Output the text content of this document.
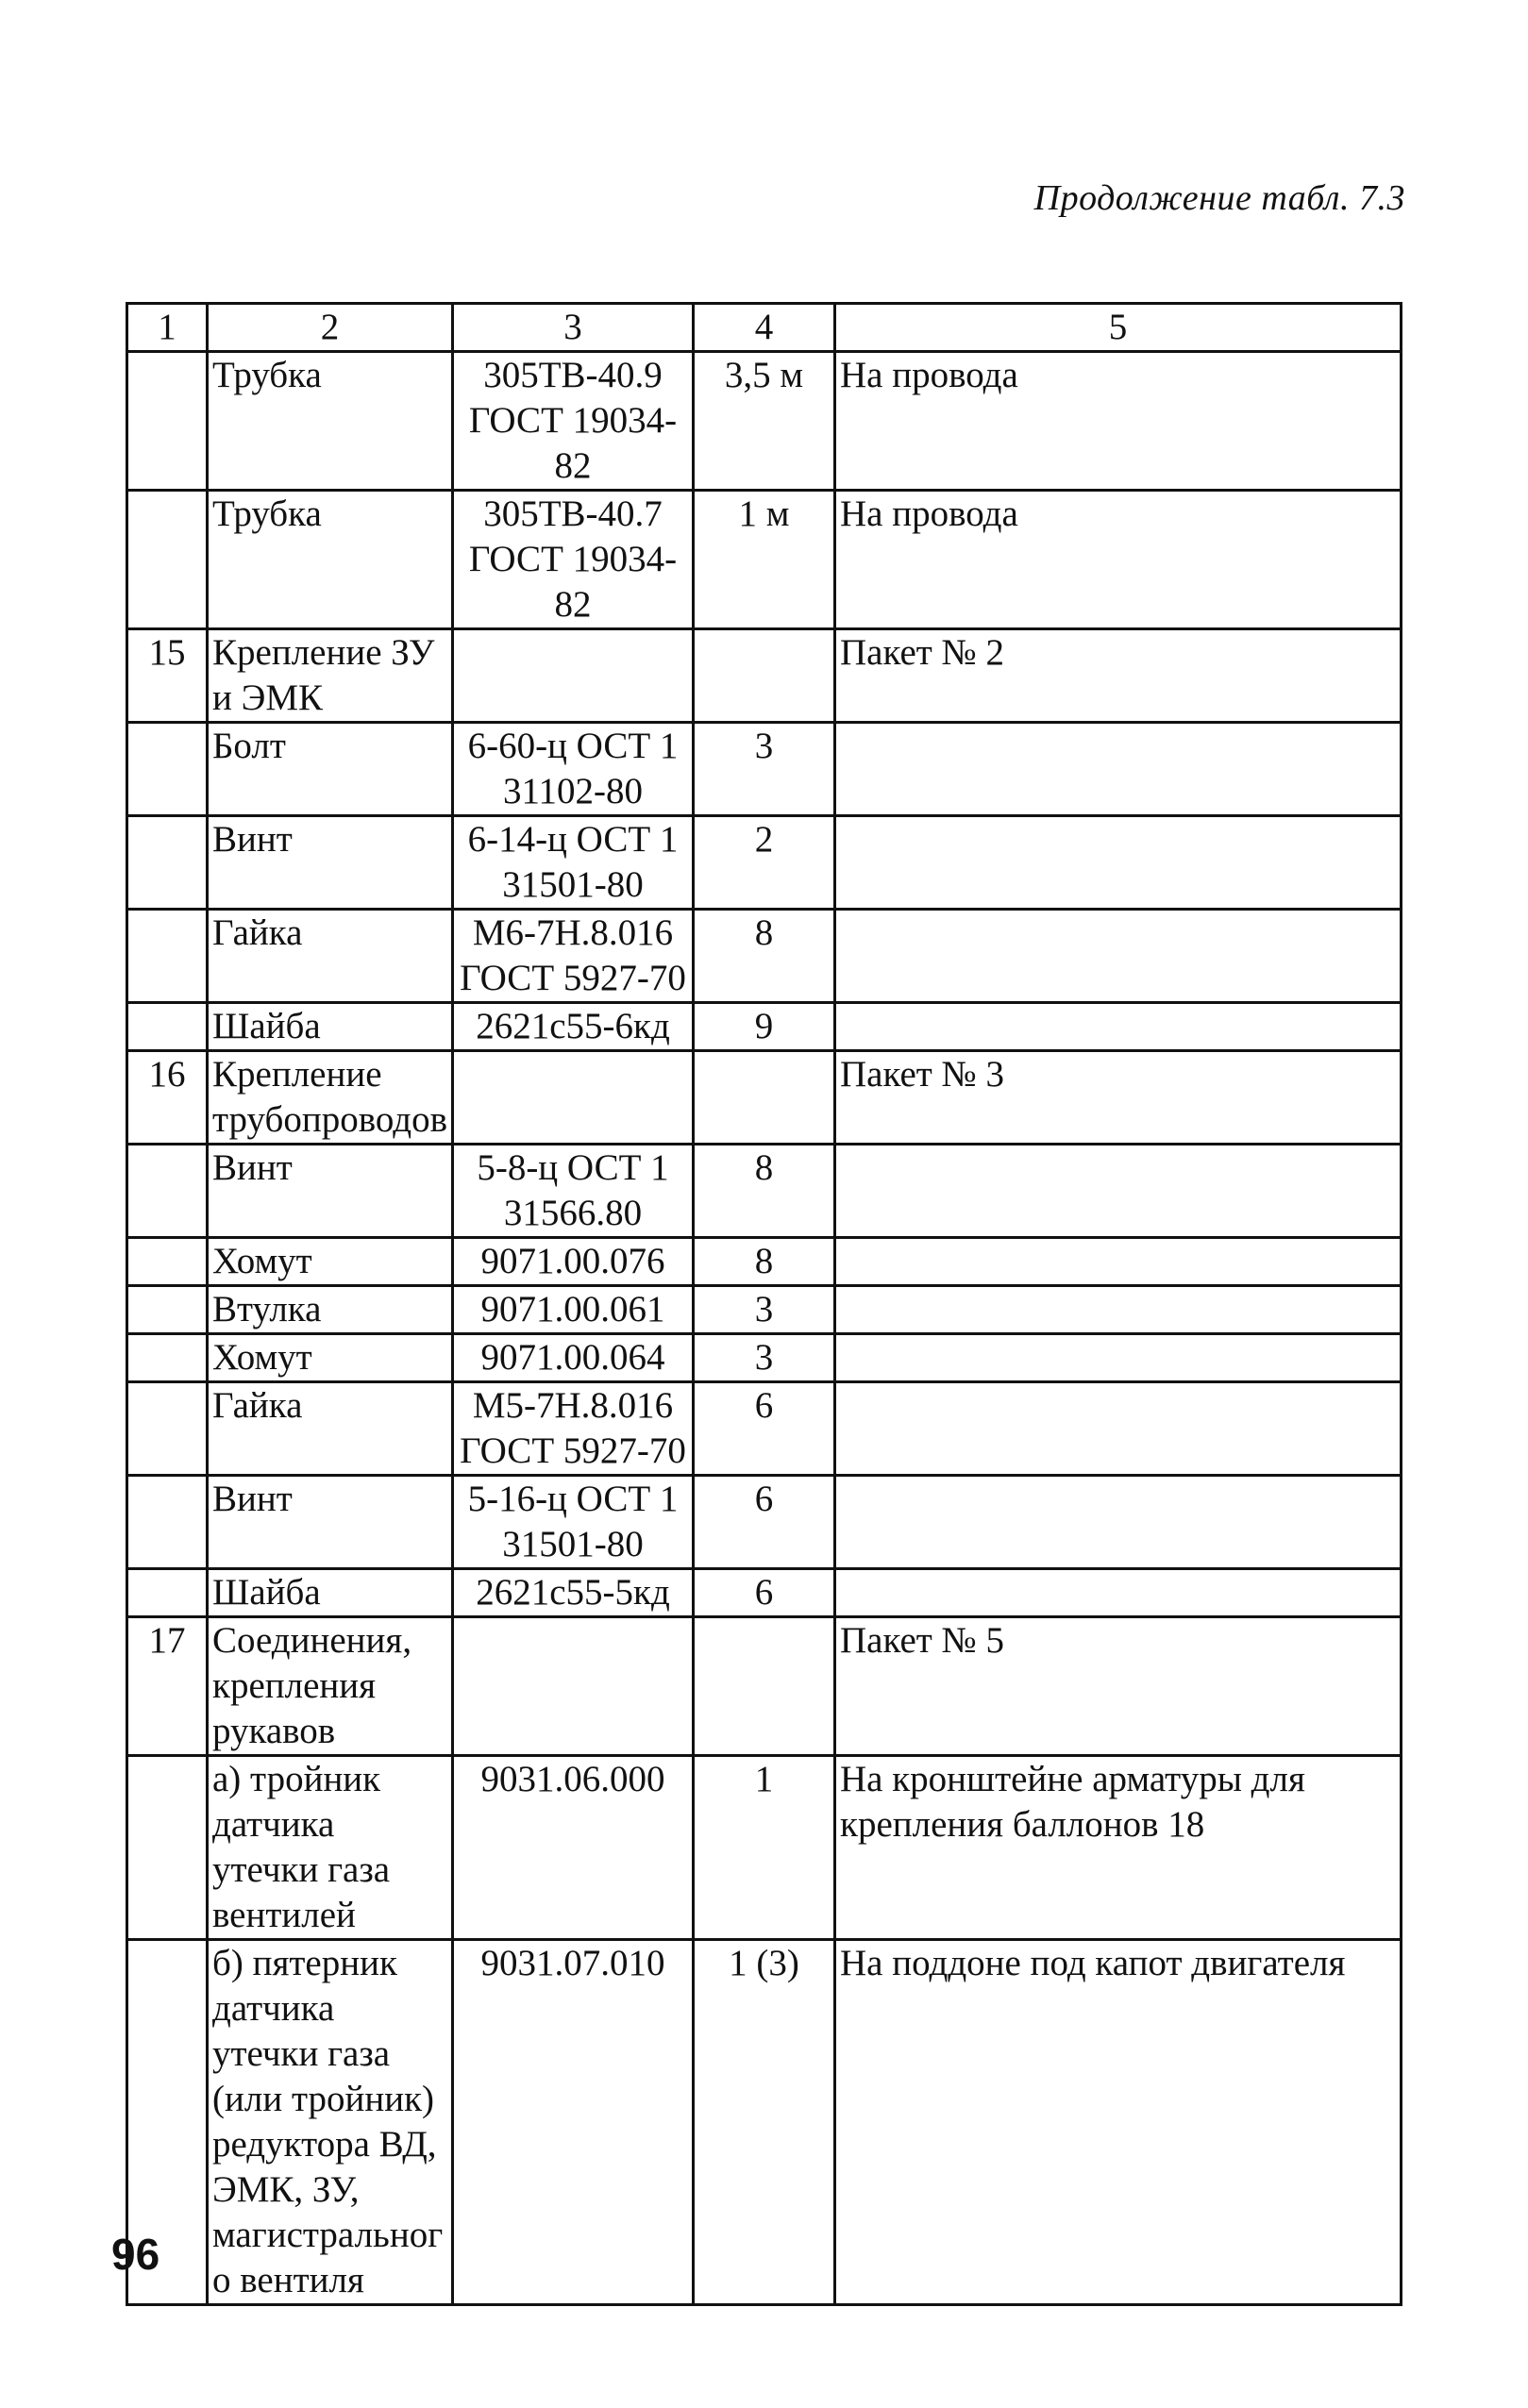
Продолжение табл. 7.3
1	2	3	4	5
	Трубка	305ТВ-40.9 ГОСТ 19034-82	3,5 м	На провода
	Трубка	305ТВ-40.7 ГОСТ 19034-82	1 м	На провода
15	Крепление ЗУ и ЭМК			Пакет № 2
	Болт	6-60-ц ОСТ 1 31102-80	3	
	Винт	6-14-ц ОСТ 1 31501-80	2	
	Гайка	М6-7Н.8.016 ГОСТ 5927-70	8	
	Шайба	2621с55-6кд	9	
16	Крепление трубопроводов			Пакет № 3
	Винт	5-8-ц ОСТ 1 31566.80	8	
	Хомут	9071.00.076	8	
	Втулка	9071.00.061	3	
	Хомут	9071.00.064	3	
	Гайка	М5-7Н.8.016 ГОСТ 5927-70	6	
	Винт	5-16-ц ОСТ 1 31501-80	6	
	Шайба	2621с55-5кд	6	
17	Соединения, крепления рукавов			Пакет № 5
	а) тройник датчика утечки газа вентилей	9031.06.000	1	На кронштейне арматуры для крепления баллонов 18
	б) пятерник датчика утечки газа (или тройник) редуктора ВД, ЭМК, ЗУ, магистрального вентиля	9031.07.010	1 (3)	На поддоне под капот двигателя
96
